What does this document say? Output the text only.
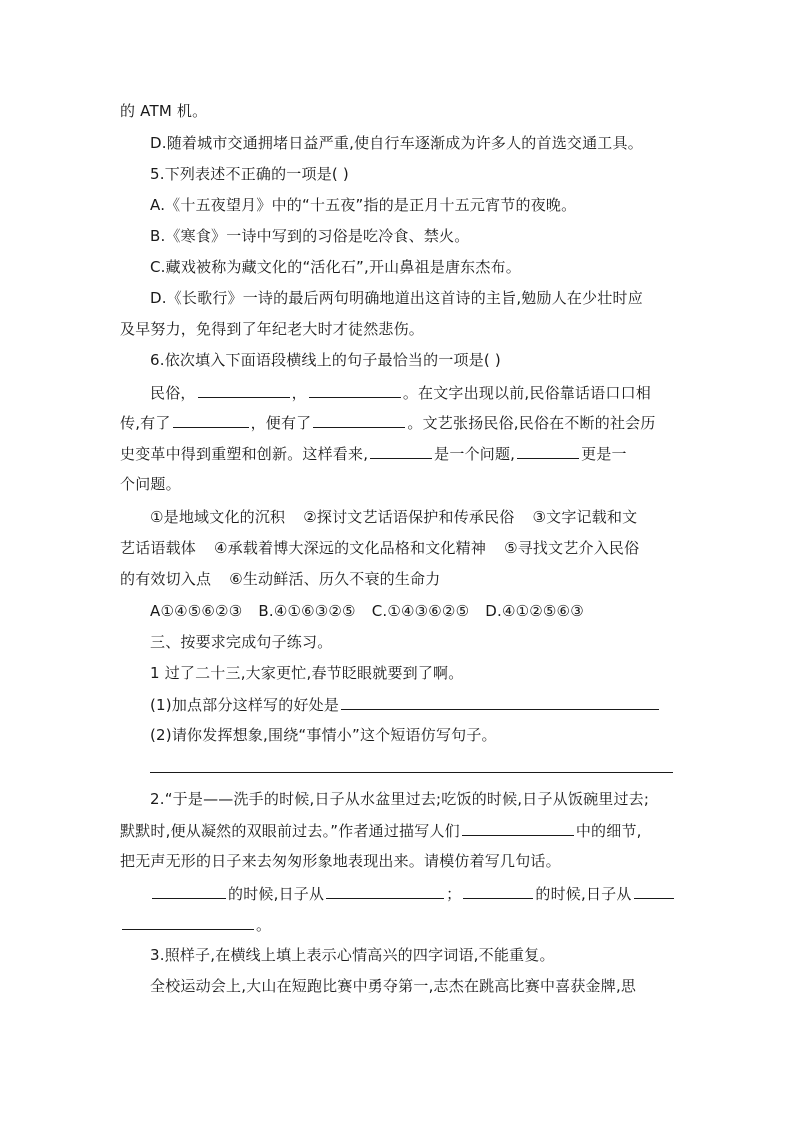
的 ATM 机。
D.随着城市交通拥堵日益严重,使自行车逐渐成为许多人的首选交通工具。
5.下列表述不正确的一项是( )
A.《十五夜望月》中的“十五夜”指的是正月十五元宵节的夜晚。
B.《寒食》一诗中写到的习俗是吃冷食、禁火。
C.藏戏被称为藏文化的“活化石”,开山鼻祖是唐东杰布。
D.《长歌行》一诗的最后两句明确地道出这首诗的主旨,勉励人在少壮时应
及早努力，免得到了年纪老大时才徒然悲伤。
6.依次填入下面语段横线上的句子最恰当的一项是( )
民俗，	，	。在文字出现以前,民俗靠话语口口相
传,有了	，便有了	。文艺张扬民俗,民俗在不断的社会历
史变革中得到重塑和创新。这样看来,	是一个问题,	更是一
个问题。
①是地域文化的沉积 ②探讨文艺话语保护和传承民俗 ③文字记载和文
艺话语载体 ④承载着博大深远的文化品格和文化精神 ⑤寻找文艺介入民俗
的有效切入点 ⑥生动鲜活、历久不衰的生命力
A①④⑤⑥②③ B.④①⑥③②⑤ C.①④③⑥②⑤ D.④①②⑤⑥③
三、按要求完成句子练习。
1 过了二十三,大家更忙,春节眨眼就要到了啊。
(1)加点部分这样写的好处是
(2)请你发挥想象,围绕“事情小”这个短语仿写句子。
2.“于是——洗手的时候,日子从水盆里过去;吃饭的时候,日子从饭碗里过去;
默默时,便从凝然的双眼前过去。”作者通过描写人们	中的细节,
把无声无形的日子来去匆匆形象地表现出来。请模仿着写几句话。
的时候,日子从	；	的时候,日子从
。
3.照样子,在横线上填上表示心情高兴的四字词语,不能重复。
全校运动会上,大山在短跑比赛中勇夺第一,志杰在跳高比赛中喜获金牌,思
